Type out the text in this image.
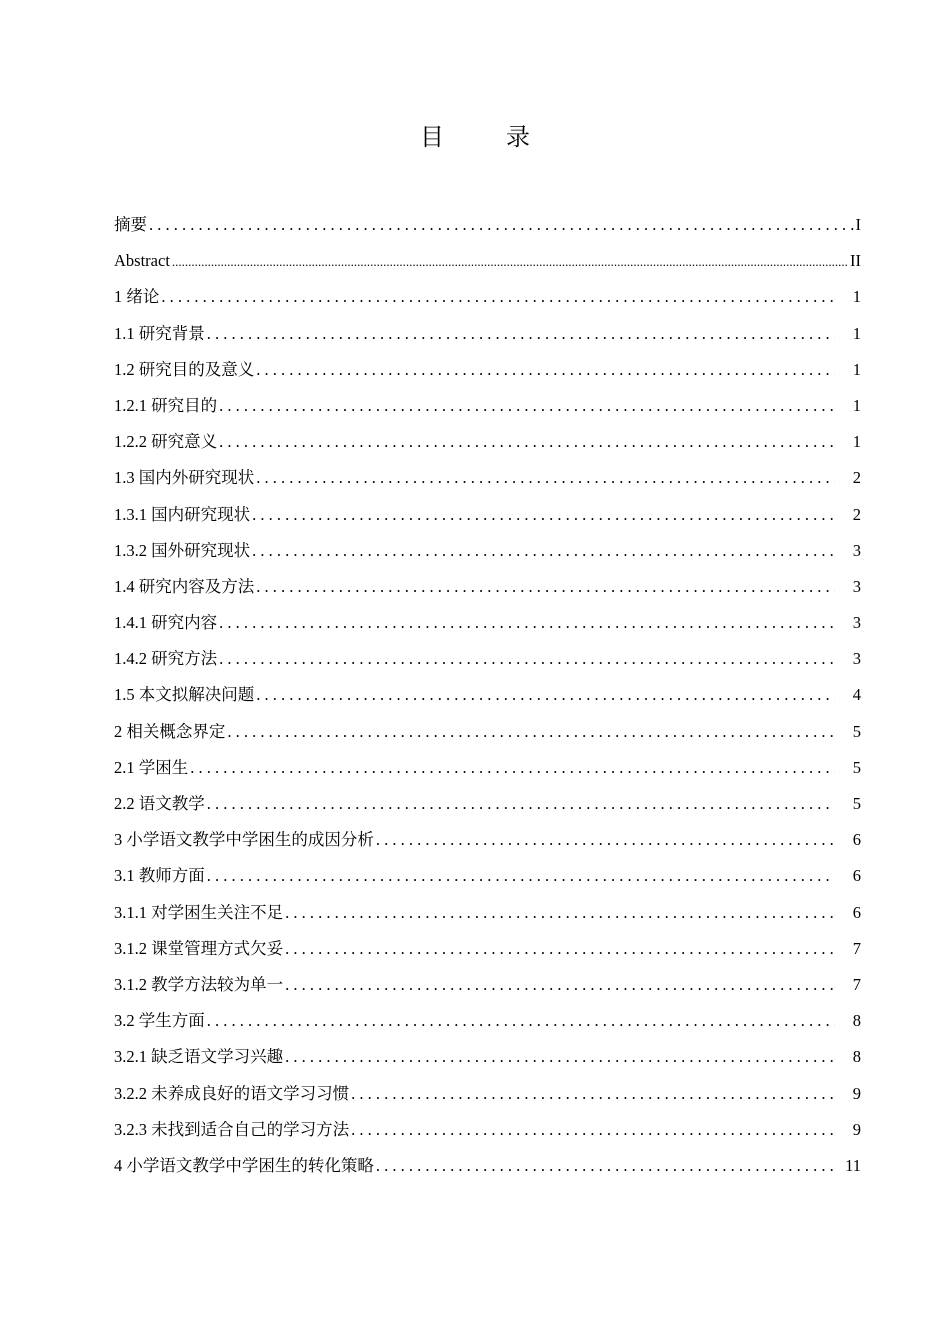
目 录
摘要 . . .	I
Abstract .....	II
1 绪论 . . .	1
1.1 研究背景 . . .	1
1.2 研究目的及意义 . . .	1
1.2.1 研究目的 . . .	1
1.2.2 研究意义 . . .	1
1.3 国内外研究现状 . . .	2
1.3.1 国内研究现状 . . .	2
1.3.2 国外研究现状 . . .	3
1.4 研究内容及方法 . . .	3
1.4.1 研究内容 . . .	3
1.4.2 研究方法 . . .	3
1.5 本文拟解决问题 . . .	4
2 相关概念界定 . . .	5
2.1 学困生 . . .	5
2.2 语文教学 . . .	5
3 小学语文教学中学困生的成因分析 . . .	6
3.1 教师方面 . . .	6
3.1.1 对学困生关注不足 . . .	6
3.1.2 课堂管理方式欠妥 . . .	7
3.1.2 教学方法较为单一 . . .	7
3.2 学生方面 . . .	8
3.2.1 缺乏语文学习兴趣 . . .	8
3.2.2 未养成良好的语文学习习惯 . . .	9
3.2.3 未找到适合自己的学习方法 . . .	9
4 小学语文教学中学困生的转化策略 . . .	11
